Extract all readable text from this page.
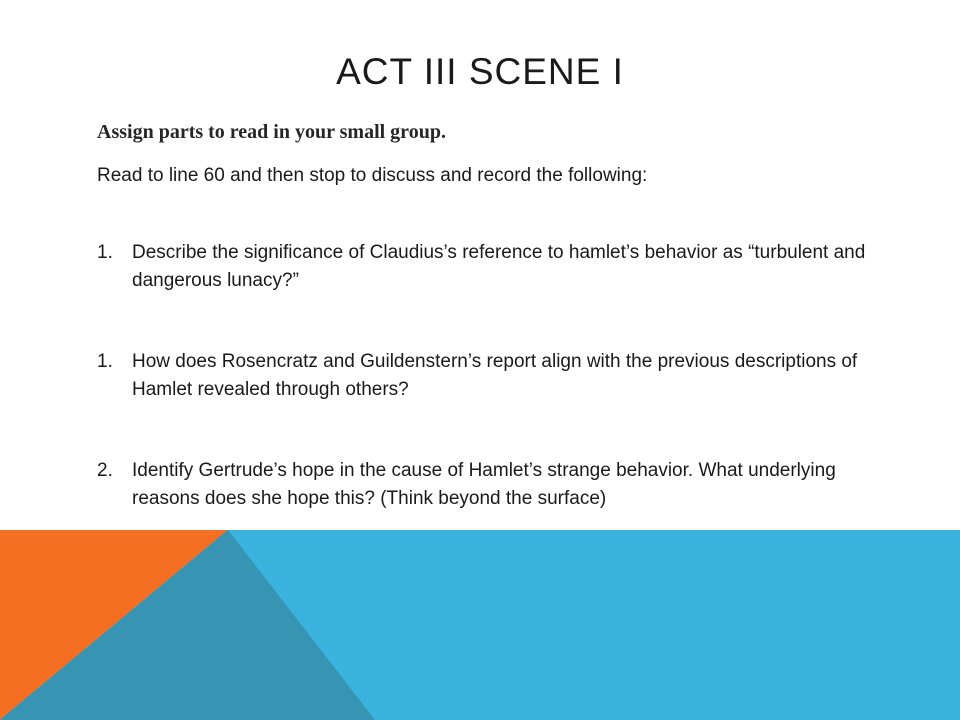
ACT III SCENE I
Assign parts to read in your small group.
Read to line 60 and then stop to discuss and record the following:
1.	Describe the significance of Claudius’s reference to hamlet’s behavior as “turbulent and dangerous lunacy?”
1.	How does Rosencratz and Guildenstern’s report align with the previous descriptions of Hamlet revealed through others?
2.	Identify Gertrude’s hope in the cause of Hamlet’s strange behavior. What underlying reasons does she hope this? (Think beyond the surface)
